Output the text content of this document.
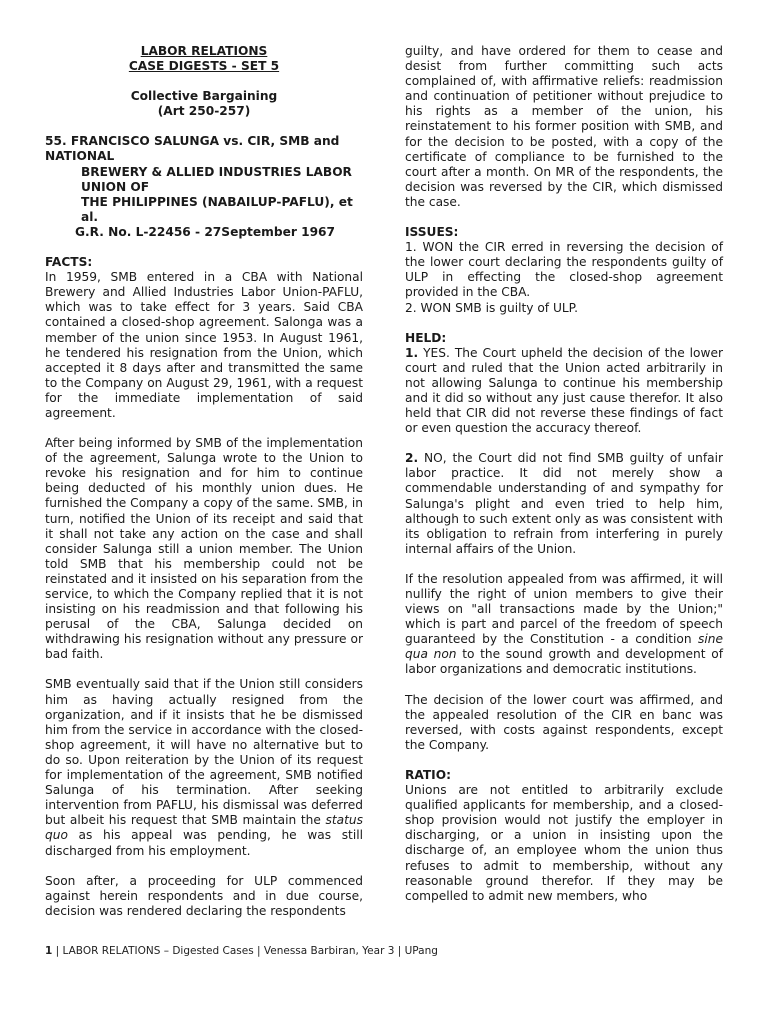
LABOR RELATIONS

CASE DIGESTS - SET 5

Collective Bargaining

(Art 250-257)

55. FRANCISCO SALUNGA vs. CIR, SMB and NATIONAL
BREWERY & ALLIED INDUSTRIES LABOR UNION OF
THE PHILIPPINES (NABAILUP-PAFLU), et al.
G.R. No. L-22456 - 27September 1967

FACTS:

In 1959, SMB entered in a CBA with National Brewery and Allied Industries Labor Union-PAFLU, which was to take effect for 3 years. Said CBA contained a closed-shop agreement. Salonga was a member of the union since 1953. In August 1961, he tendered his resignation from the Union, which accepted it 8 days after and transmitted the same to the Company on August 29, 1961, with a request for the immediate implementation of said agreement.

After being informed by SMB of the implementation of the agreement, Salunga wrote to the Union to revoke his resignation and for him to continue being deducted of his monthly union dues. He furnished the Company a copy of the same. SMB, in turn, notified the Union of its receipt and said that it shall not take any action on the case and shall consider Salunga still a union member. The Union told SMB that his membership could not be reinstated and it insisted on his separation from the service, to which the Company replied that it is not insisting on his readmission and that following his perusal of the CBA, Salunga decided on withdrawing his resignation without any pressure or bad faith.

SMB eventually said that if the Union still considers him as having actually resigned from the organization, and if it insists that he be dismissed him from the service in accordance with the closed-shop agreement, it will have no alternative but to do so. Upon reiteration by the Union of its request for implementation of the agreement, SMB notified Salunga of his termination. After seeking intervention from PAFLU, his dismissal was deferred but albeit his request that SMB maintain the status quo as his appeal was pending, he was still discharged from his employment.

Soon after, a proceeding for ULP commenced against herein respondents and in due course, decision was rendered declaring the respondents

guilty, and have ordered for them to cease and desist from further committing such acts complained of, with affirmative reliefs: readmission and continuation of petitioner without prejudice to his rights as a member of the union, his reinstatement to his former position with SMB, and for the decision to be posted, with a copy of the certificate of compliance to be furnished to the court after a month. On MR of the respondents, the decision was reversed by the CIR, which dismissed the case.

ISSUES:

1. WON the CIR erred in reversing the decision of the lower court declaring the respondents guilty of ULP in effecting the closed-shop agreement provided in the CBA.

2. WON SMB is guilty of ULP.

HELD:

1. YES. The Court upheld the decision of the lower court and ruled that the Union acted arbitrarily in not allowing Salunga to continue his membership and it did so without any just cause therefor. It also held that CIR did not reverse these findings of fact or even question the accuracy thereof.

2. NO, the Court did not find SMB guilty of unfair labor practice. It did not merely show a commendable understanding of and sympathy for Salunga's plight and even tried to help him, although to such extent only as was consistent with its obligation to refrain from interfering in purely internal affairs of the Union.

If the resolution appealed from was affirmed, it will nullify the right of union members to give their views on "all transactions made by the Union;" which is part and parcel of the freedom of speech guaranteed by the Constitution - a condition sine qua non to the sound growth and development of labor organizations and democratic institutions.

The decision of the lower court was affirmed, and the appealed resolution of the CIR en banc was reversed, with costs against respondents, except the Company.

RATIO:

Unions are not entitled to arbitrarily exclude qualified applicants for membership, and a closed-shop provision would not justify the employer in discharging, or a union in insisting upon the discharge of, an employee whom the union thus refuses to admit to membership, without any reasonable ground therefor. If they may be compelled to admit new members, who

1 | LABOR RELATIONS – Digested Cases | Venessa Barbiran, Year 3 | UPang
